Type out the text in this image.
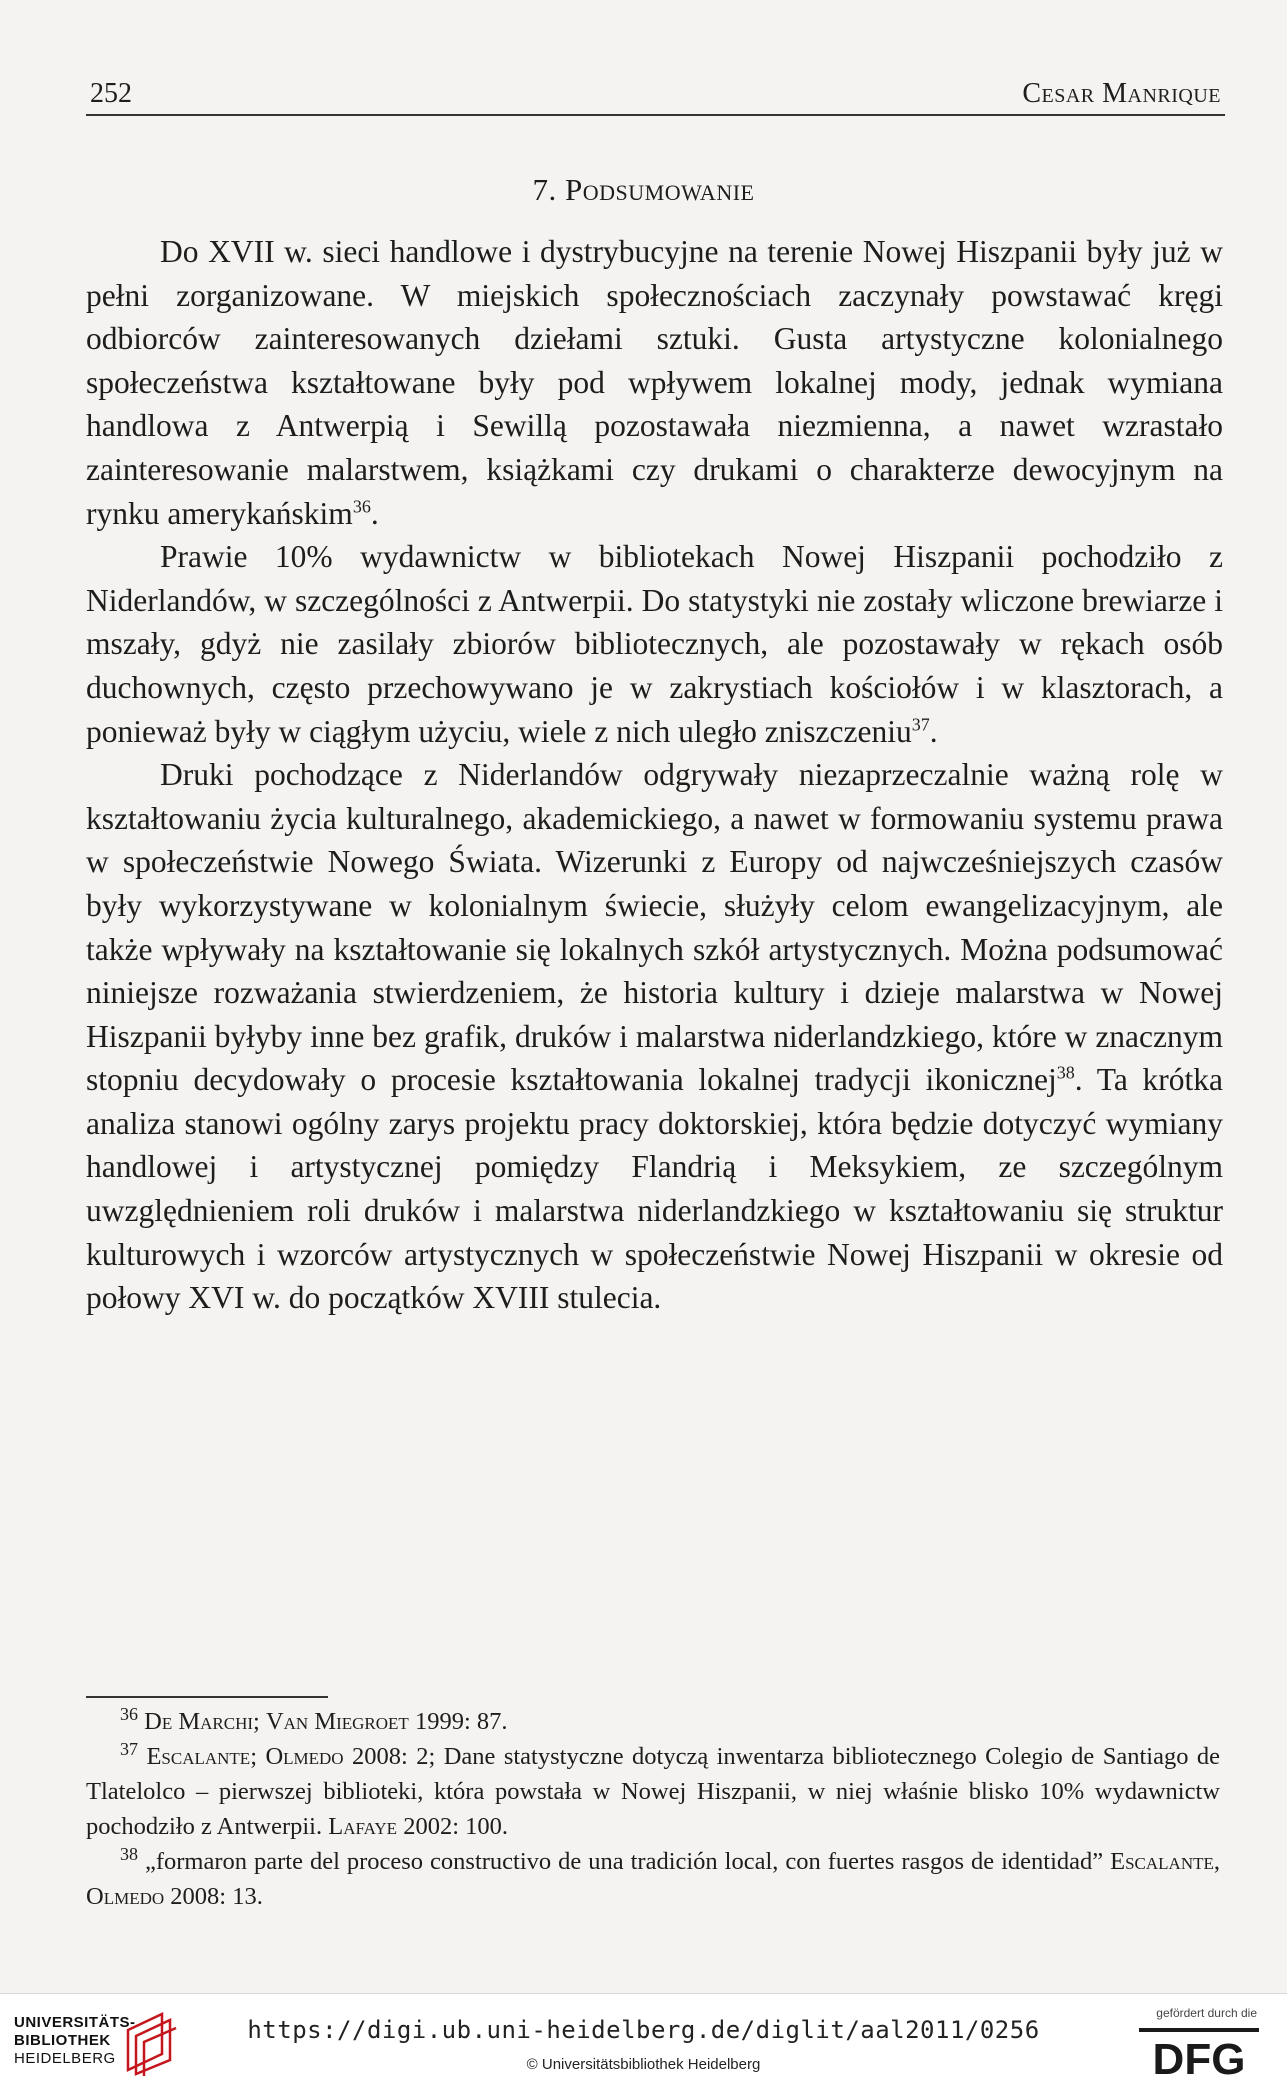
252	Cesar Manrique
7. Podsumowanie

Do XVII w. sieci handlowe i dystrybucyjne na terenie Nowej Hiszpanii były już w pełni zorganizowane. W miejskich społecznościach zaczynały powstawać kręgi odbiorców zainteresowanych dziełami sztuki. Gusta artystyczne kolonialnego społeczeństwa kształtowane były pod wpływem lokalnej mody, jednak wymiana handlowa z Antwerpią i Sewillą pozostawała niezmienna, a nawet wzrastało zainteresowanie malarstwem, książkami czy drukami o charakterze dewocyjnym na rynku amerykańskim$^{36}$.

Prawie 10% wydawnictw w bibliotekach Nowej Hiszpanii pochodziło z Niderlandów, w szczególności z Antwerpii. Do statystyki nie zostały wliczone brewiarze i mszały, gdyż nie zasilały zbiorów bibliotecznych, ale pozostawały w rękach osób duchownych, często przechowywano je w zakrystiach kościołów i w klasztorach, a ponieważ były w ciągłym użyciu, wiele z nich uległo zniszczeniu$^{37}$.

Druki pochodzące z Niderlandów odgrywały niezaprzeczalnie ważną rolę w kształtowaniu życia kulturalnego, akademickiego, a nawet w formowaniu systemu prawa w społeczeństwie Nowego Świata. Wizerunki z Europy od najwcześniejszych czasów były wykorzystywane w kolonialnym świecie, służyły celom ewangelizacyjnym, ale także wpływały na kształtowanie się lokalnych szkół artystycznych. Można podsumować niniejsze rozważania stwierdzeniem, że historia kultury i dzieje malarstwa w Nowej Hiszpanii byłyby inne bez grafik, druków i malarstwa niderlandzkiego, które w znacznym stopniu decydowały o procesie kształtowania lokalnej tradycji ikonicznej$^{38}$. Ta krótka analiza stanowi ogólny zarys projektu pracy doktorskiej, która będzie dotyczyć wymiany handlowej i artystycznej pomiędzy Flandrią i Meksykiem, ze szczególnym uwzględnieniem roli druków i malarstwa niderlandzkiego w kształtowaniu się struktur kulturowych i wzorców artystycznych w społeczeństwie Nowej Hiszpanii w okresie od połowy XVI w. do początków XVIII stulecia.

$^{36}$ De Marchi; Van Miegroet 1999: 87.

$^{37}$ Escalante; Olmedo 2008: 2; Dane statystyczne dotyczą inwentarza bibliotecznego Colegio de Santiago de Tlatelolco – pierwszej biblioteki, która powstała w Nowej Hiszpanii, w niej właśnie blisko 10% wydawnictw pochodziło z Antwerpii. Lafaye 2002: 100.

$^{38}$ „formaron parte del proceso constructivo de una tradición local, con fuertes rasgos de identidad” Escalante, Olmedo 2008: 13.

UNIVERSITÄTS-
BIBLIOTHEK
HEIDELBERG
https://digi.ub.uni-heidelberg.de/diglit/aal2011/0256
© Universitätsbibliothek Heidelberg
gefördert durch die
DFG
